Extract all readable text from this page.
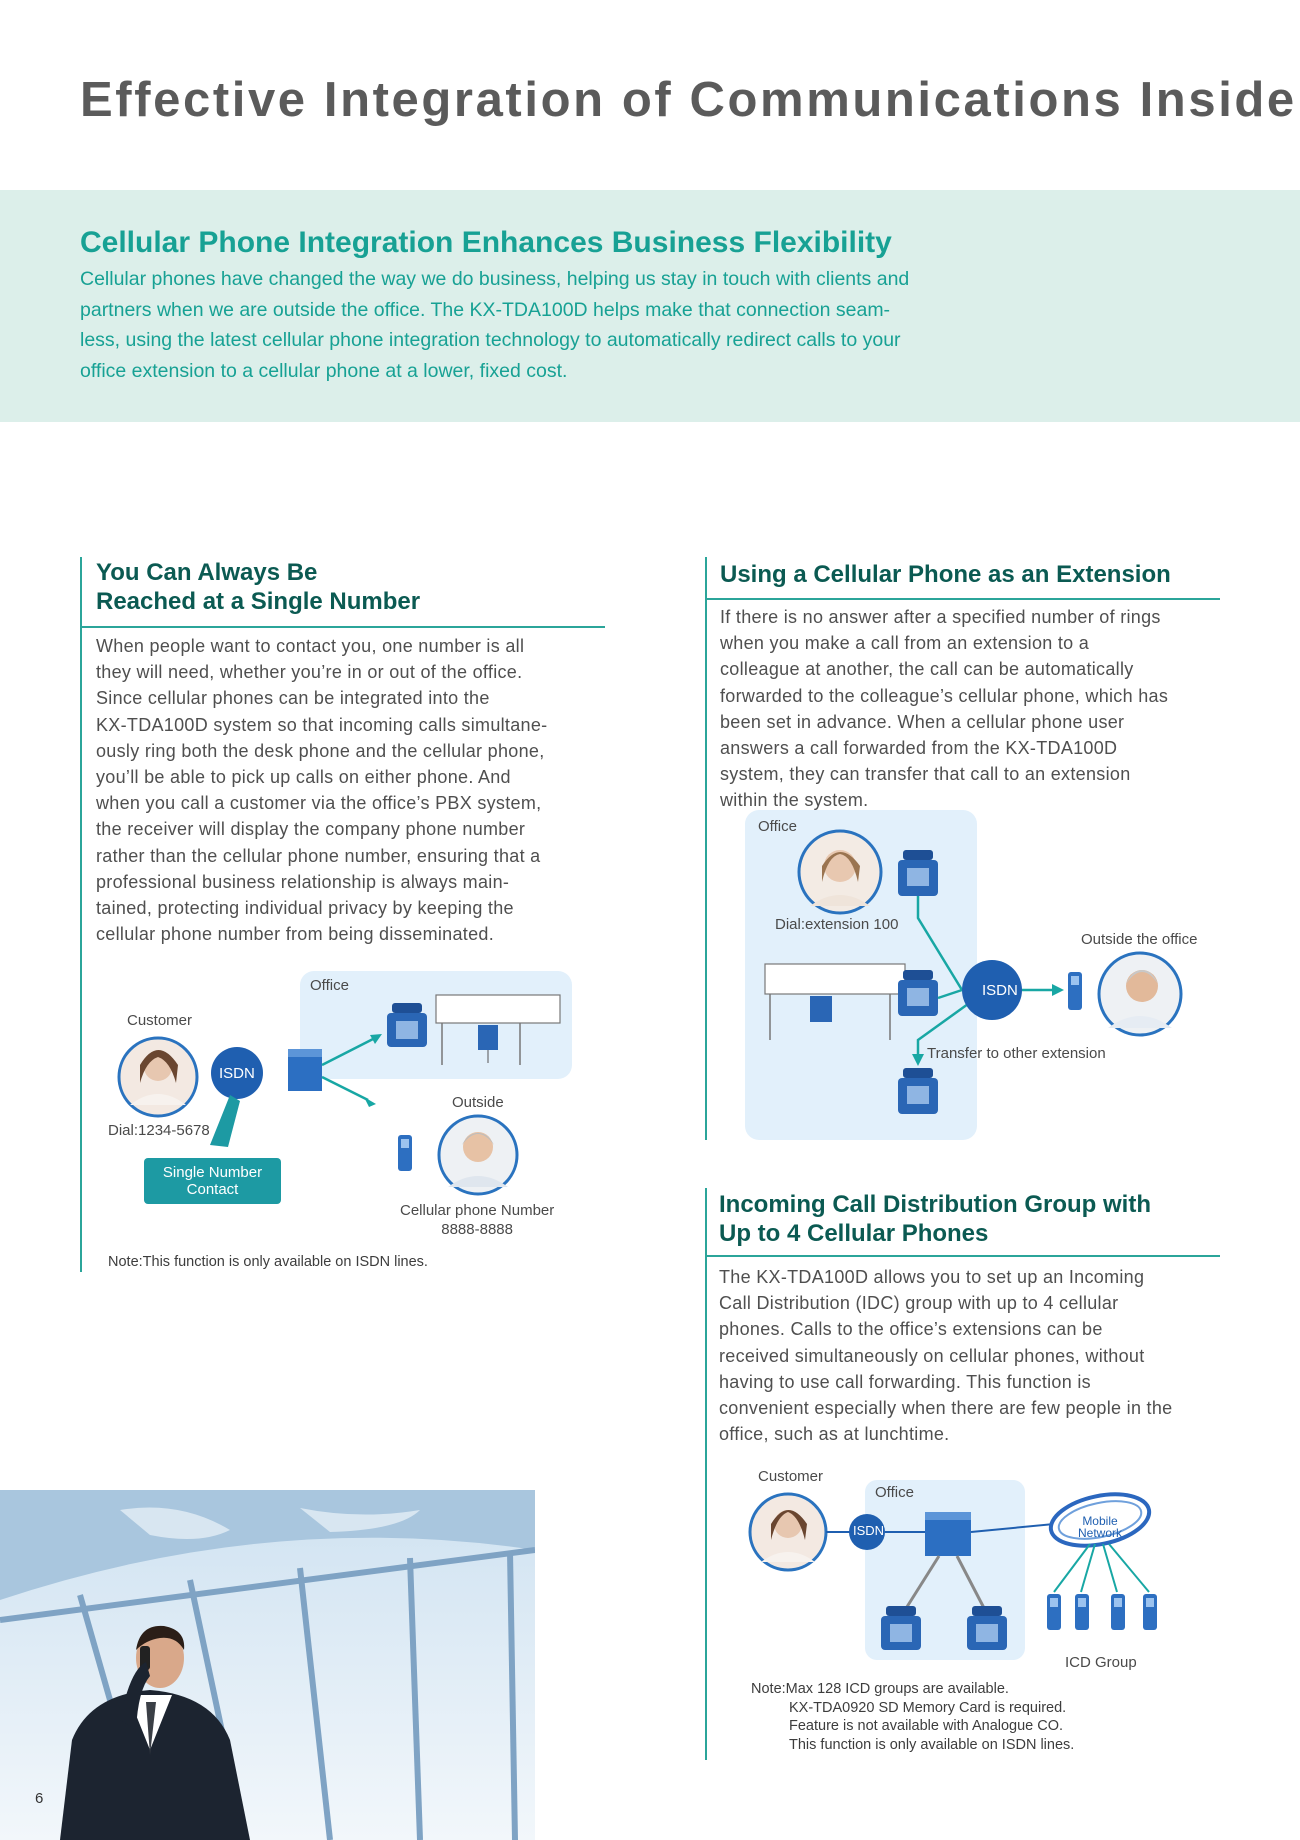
Effective Integration of Communications Inside
Cellular Phone Integration Enhances Business Flexibility

Cellular phones have changed the way we do business, helping us stay in touch with clients and

partners when we are outside the office. The KX-TDA100D helps make that connection seam-

less, using the latest cellular phone integration technology to automatically redirect calls to your

office extension to a cellular phone at a lower, fixed cost.

You Can Always Be
Reached at a Single Number

When people want to contact you, one number is all

they will need, whether you’re in or out of the office.

Since cellular phones can be integrated into the

KX-TDA100D system so that incoming calls simultane-

ously ring both the desk phone and the cellular phone,

you’ll be able to pick up calls on either phone. And

when you call a customer via the office’s PBX system,

the receiver will display the company phone number

rather than the cellular phone number, ensuring that a

professional business relationship is always main-

tained, protecting individual privacy by keeping the

cellular phone number from being disseminated.

Office
Customer
ISDN
Dial:1234-5678
Outside
Single Number
Contact
Cellular phone Number
8888-8888
Note:This function is only available on ISDN lines.
Using a Cellular Phone as an Extension

If there is no answer after a specified number of rings

when you make a call from an extension to a

colleague at another, the call can be automatically

forwarded to the colleague’s cellular phone, which has

been set in advance. When a cellular phone user

answers a call forwarded from the KX-TDA100D

system, they can transfer that call to an extension

within the system.

Office
Dial:extension 100
Outside the office
ISDN
Transfer to other extension
Incoming Call Distribution Group with
Up to 4 Cellular Phones

The KX-TDA100D allows you to set up an Incoming

Call Distribution (IDC) group with up to 4 cellular

phones. Calls to the office’s extensions can be

received simultaneously on cellular phones, without

having to use call forwarding. This function is

convenient especially when there are few people in the

office, such as at lunchtime.

Customer
Office
ISDN
Mobile
Network
ICD Group

Note:Max 128 ICD groups are available.

KX-TDA0920 SD Memory Card is required.

Feature is not available with Analogue CO.

This function is only available on ISDN lines.

6
